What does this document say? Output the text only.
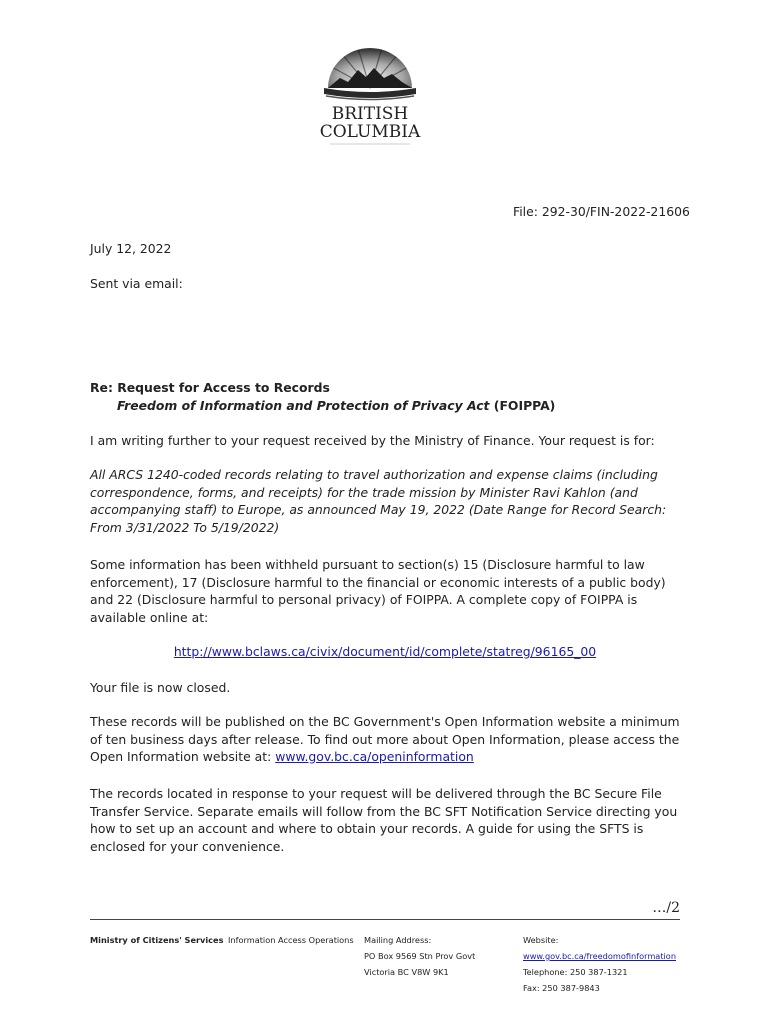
BRITISH
COLUMBIA
File: 292-30/FIN-2022-21606
July 12, 2022
Sent via email:
Re: Request for Access to Records
Freedom of Information and Protection of Privacy Act (FOIPPA)
I am writing further to your request received by the Ministry of Finance. Your request is for:
All ARCS 1240-coded records relating to travel authorization and expense claims (including correspondence, forms, and receipts) for the trade mission by Minister Ravi Kahlon (and accompanying staff) to Europe, as announced May 19, 2022 (Date Range for Record Search: From 3/31/2022 To 5/19/2022)
Some information has been withheld pursuant to section(s) 15 (Disclosure harmful to law enforcement), 17 (Disclosure harmful to the financial or economic interests of a public body) and 22 (Disclosure harmful to personal privacy) of FOIPPA. A complete copy of FOIPPA is available online at:
http://www.bclaws.ca/civix/document/id/complete/statreg/96165_00
Your file is now closed.
These records will be published on the BC Government's Open Information website a minimum of ten business days after release. To find out more about Open Information, please access the Open Information website at: www.gov.bc.ca/openinformation
The records located in response to your request will be delivered through the BC Secure File Transfer Service. Separate emails will follow from the BC SFT Notification Service directing you how to set up an account and where to obtain your records. A guide for using the SFTS is enclosed for your convenience.
…/2
Ministry of Citizens' Services Information Access Operations Mailing Address:
PO Box 9569 Stn Prov Govt
Victoria BC V8W 9K1
Website:
www.gov.bc.ca/freedomofinformation
Telephone: 250 387-1321
Fax: 250 387-9843
